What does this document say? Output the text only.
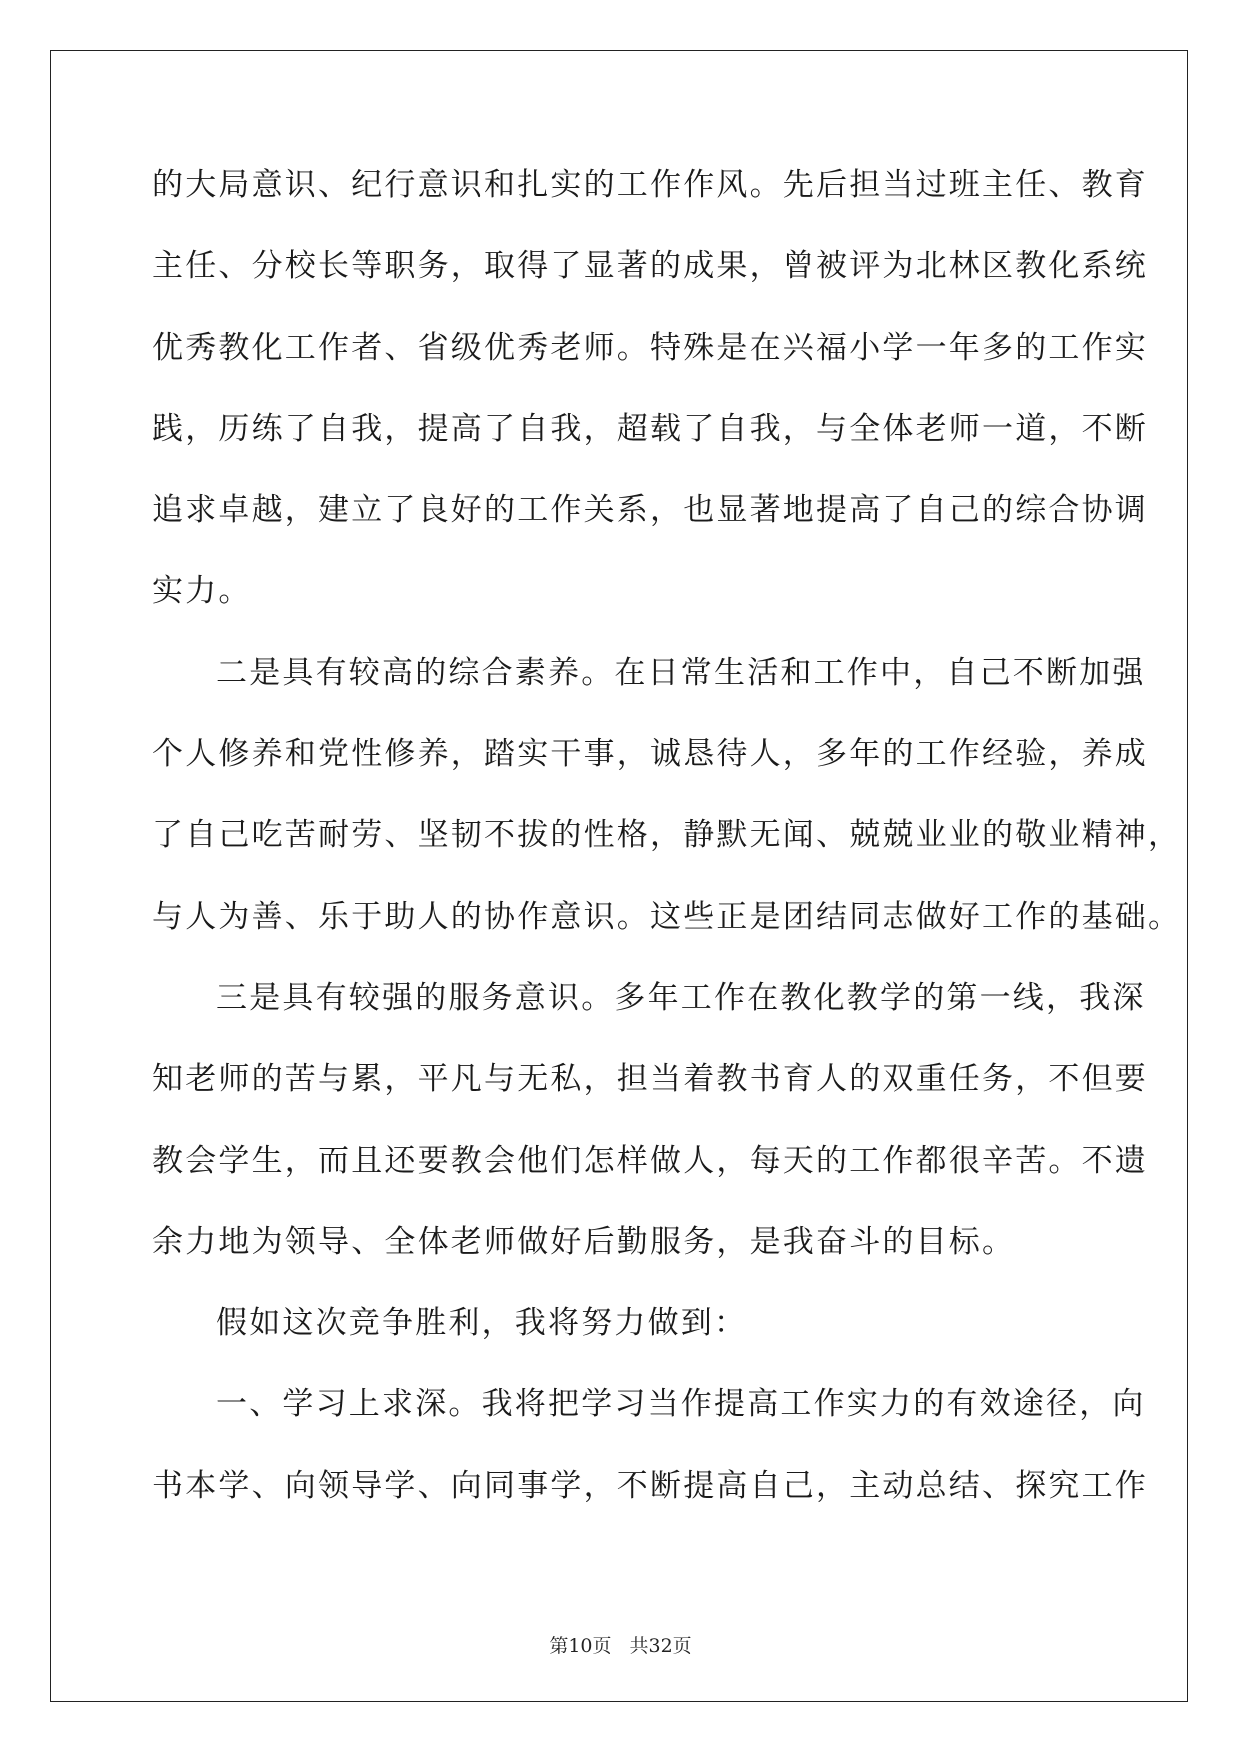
的大局意识、纪行意识和扎实的工作作风。先后担当过班主任、教育
主任、分校长等职务，取得了显著的成果，曾被评为北林区教化系统
优秀教化工作者、省级优秀老师。特殊是在兴福小学一年多的工作实
践，历练了自我，提高了自我，超载了自我，与全体老师一道，不断
追求卓越，建立了良好的工作关系，也显著地提高了自己的综合协调
实力。
二是具有较高的综合素养。在日常生活和工作中，自己不断加强
个人修养和党性修养，踏实干事，诚恳待人，多年的工作经验，养成
了自己吃苦耐劳、坚韧不拔的性格，静默无闻、兢兢业业的敬业精神，
与人为善、乐于助人的协作意识。这些正是团结同志做好工作的基础。
三是具有较强的服务意识。多年工作在教化教学的第一线，我深
知老师的苦与累，平凡与无私，担当着教书育人的双重任务，不但要
教会学生，而且还要教会他们怎样做人，每天的工作都很辛苦。不遗
余力地为领导、全体老师做好后勤服务，是我奋斗的目标。
假如这次竞争胜利，我将努力做到：
一、学习上求深。我将把学习当作提高工作实力的有效途径，向
书本学、向领导学、向同事学，不断提高自己，主动总结、探究工作
第10页 共32页
